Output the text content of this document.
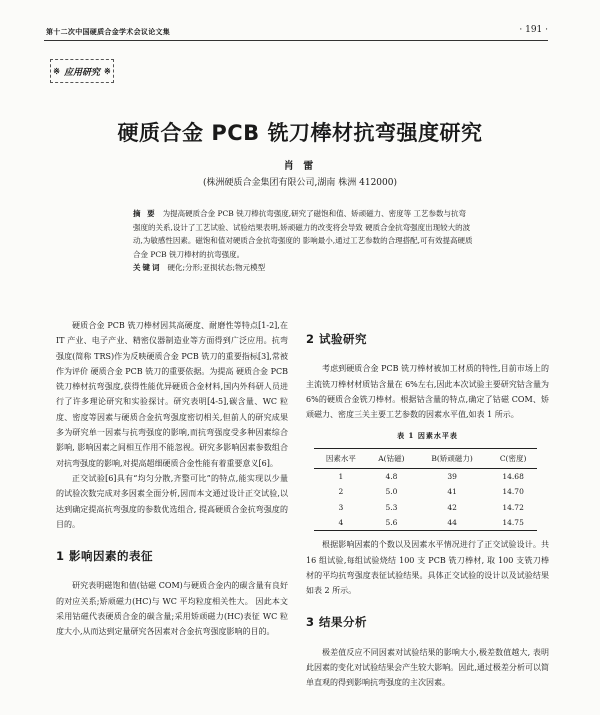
第十二次中国硬质合金学术会议论文集	· 191 ·
※ 应用研究 ※
硬质合金 PCB 铣刀棒材抗弯强度研究
肖 雷
(株洲硬质合金集团有限公司,湖南 株洲 412000)
摘 要 为提高硬质合金 PCB 铣刀棒抗弯强度,研究了磁饱和值、矫顽磁力、密度等 工艺参数与抗弯强度的关系,设计了工艺试验、试验结果表明,矫顽磁力的改变将会导致 硬质合金抗弯强度出现较大的波动,为敏感性因素。磁饱和值对硬质合金抗弯强度的 影响最小,通过工艺参数的合理搭配,可有效提高硬质合金 PCB 铣刀棒材的抗弯强度。
关键词 硬化;分形;亚损状态;物元模型

硬质合金 PCB 铣刀棒材因其高硬度、耐磨性等特点[1-2],在 IT 产业、电子产业、精密仪器制造业等方面得到广泛应用。抗弯强度(简称 TRS)作为反映硬质合金 PCB 铣刀的重要指标[3],常被作为评价 硬质合金 PCB 铣刀的重要依据。为提高 硬质合金 PCB 铣刀棒材抗弯强度,获得性能优异硬质合金材料,国内外科研人员进行了许多理论研究和实验探讨。研究表明[4-5],碳含量、WC 粒度、密度等因素与硬质合金抗弯强度密切相关,但前人的研究成果多为研究单一因素与抗弯强度的影响,而抗弯强度受多种因素综合影响, 影响因素之间相互作用不能忽视。研究多影响因素参数组合对抗弯强度的影响,对提高超细硬质合金性能有着重要意义[6]。

正交试验[6]具有“均匀分散,齐整可比”的特点,能实现以少量的试验次数完成对多因素全面分析,因而本文通过设计正交试验,以达到确定提高抗弯强度的参数优选组合, 提高硬质合金抗弯强度的目的。

1 影响因素的表征

研究表明磁饱和值(钴磁 COM)与硬质合金内的碳含量有良好的对应关系;矫顽磁力(HC)与 WC 平均粒度相关性大。 因此本文采用钴磁代表硬质合金的碳含量;采用矫顽磁力(HC)表征 WC 粒度大小,从而达到定量研究各因素对合金抗弯强度影响的目的。

2 试验研究

考虑到硬质合金 PCB 铣刀棒材被加工材质的特性,目前市场上的主流铣刀棒材材质钴含量在 6%左右,因此本次试验主要研究钴含量为 6%的硬质合金铣刀棒材。根据钴含量的特点,确定了钴磁 COM、矫顽磁力、密度三关主要工艺参数的因素水平值,如表 1 所示。

表 1 因素水平表
因素水平	A(钴磁)	B(矫顽磁力)	C(密度)
1	4.8	39	14.68
2	5.0	41	14.70
3	5.3	42	14.72
4	5.6	44	14.75

根据影响因素的个数以及因素水平情况进行了正交试验设计。共 16 组试验,每组试验烧结 100 支 PCB 铣刀棒材, 取 100 支铣刀棒材的平均抗弯强度表征试验结果。具体正交试验的设计以及试验结果如表 2 所示。

3 结果分析

极差值反应不同因素对试验结果的影响大小,极差数值越大, 表明此因素的变化对试验结果会产生较大影响。因此,通过极差分析可以简单直观的得到影响抗弯强度的主次因素。
